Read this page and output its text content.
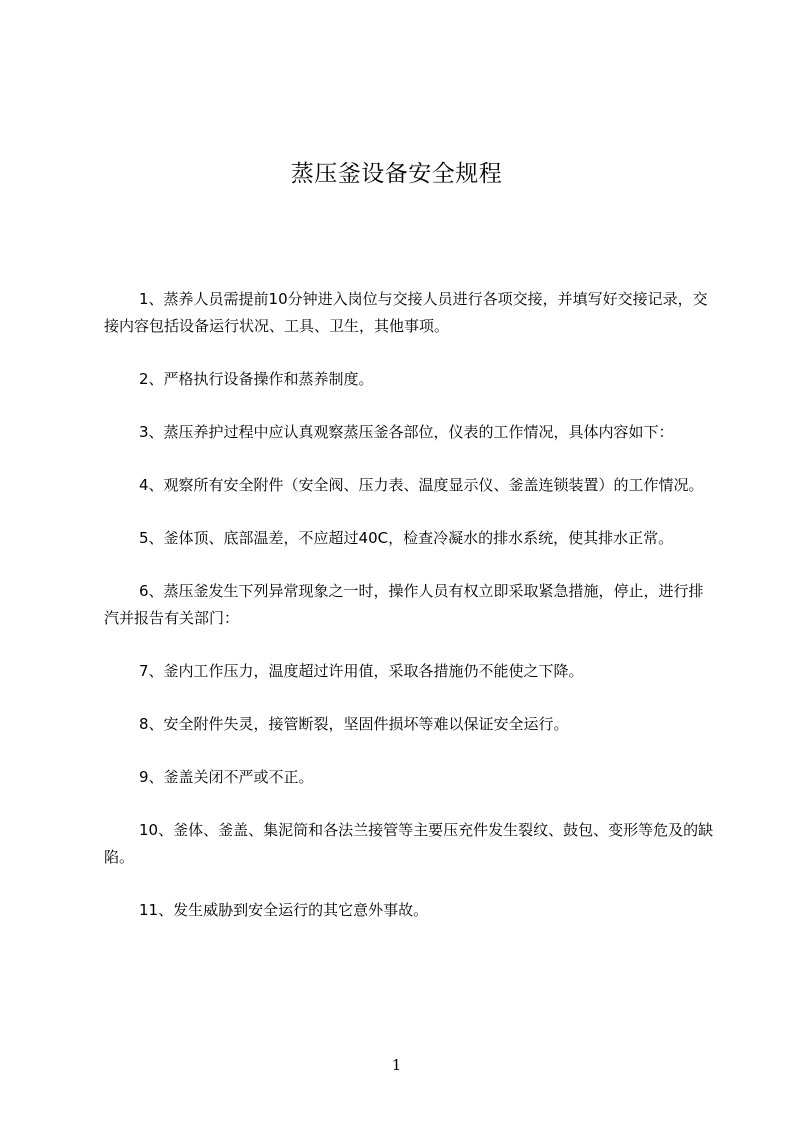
蒸压釜设备安全规程

1、蒸养人员需提前10分钟进入岗位与交接人员进行各项交接，并填写好交接记录，交接内容包括设备运行状况、工具、卫生，其他事项。

2、严格执行设备操作和蒸养制度。

3、蒸压养护过程中应认真观察蒸压釜各部位，仪表的工作情况，具体内容如下：

4、观察所有安全附件（安全阀、压力表、温度显示仪、釜盖连锁装置）的工作情况。

5、釜体顶、底部温差，不应超过40C，检查冷凝水的排水系统，使其排水正常。

6、蒸压釜发生下列异常现象之一时，操作人员有权立即采取紧急措施，停止，进行排汽并报告有关部门：

7、釜内工作压力，温度超过许用值，采取各措施仍不能使之下降。

8、安全附件失灵，接管断裂，坚固件损坏等难以保证安全运行。

9、釜盖关闭不严或不正。

10、釜体、釜盖、集泥筒和各法兰接管等主要压充件发生裂纹、鼓包、变形等危及的缺陷。

11、发生威胁到安全运行的其它意外事故。

1
